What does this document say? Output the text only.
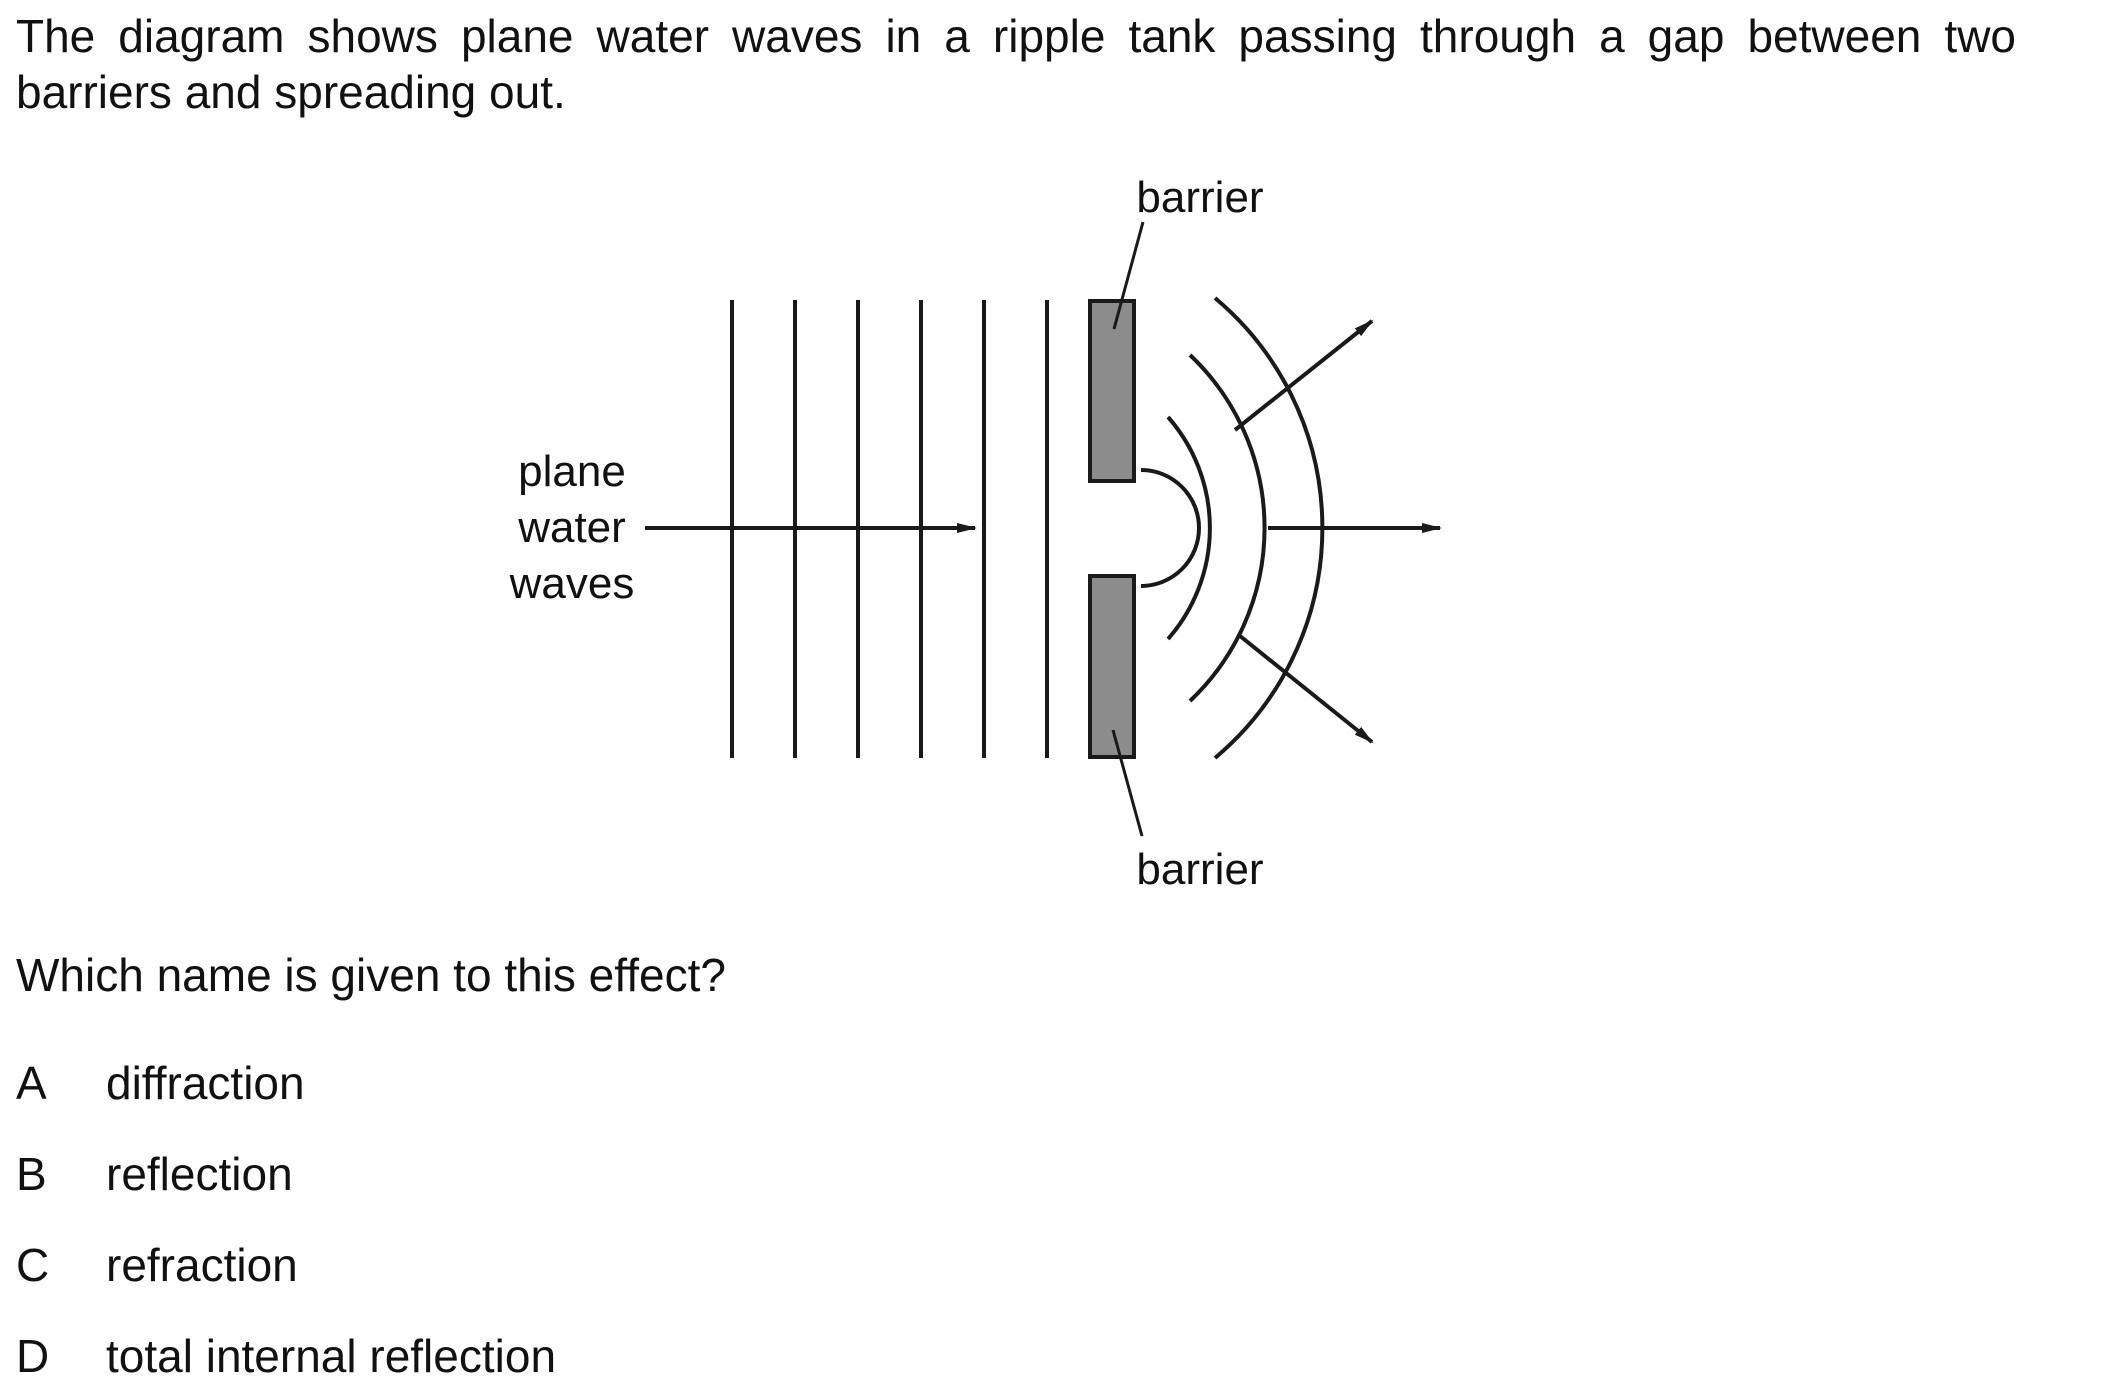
The diagram shows plane water waves in a ripple tank passing through a gap between two barriers and spreading out.

barrier
barrier
plane
water
waves

Which name is given to this effect?

A	diffraction
B	reflection
C	refraction
D	total internal reflection
